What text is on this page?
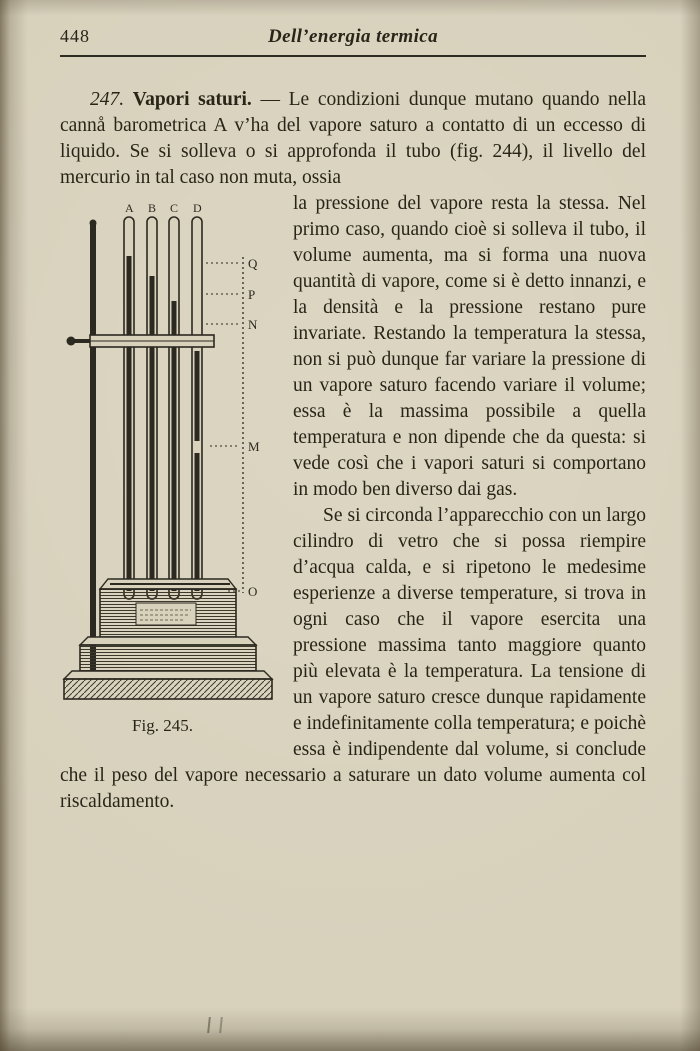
448	Dell’energia termica

247. Vapori saturi. — Le condizioni dunque mutano quando nella cannå barometrica A v’ha del vapore saturo a contatto di un eccesso di liquido. Se si solleva o si approfonda il tubo (fig. 244), il livello del mercurio in tal caso non muta, ossia

A B C D
Q
P
N
M
O
Fig. 245.

la pressione del vapore resta la stessa. Nel primo caso, quando cioè si solleva il tubo, il volume aumenta, ma si forma una nuova quantità di vapore, come si è detto innanzi, e la densità e la pressione restano pure invariate. Restando la temperatura la stessa, non si può dunque far variare la pressione di un vapore saturo facendo variare il volume; essa è la massima possibile a quella temperatura e non dipende che da questa: si vede così che i vapori saturi si comportano in modo ben diverso dai gas.

Se si circonda l’apparecchio con un largo cilindro di vetro che si possa riempire d’acqua calda, e si ripetono le medesime esperienze a diverse temperature, si trova in ogni caso che il vapore esercita una pressione massima tanto maggiore quanto più elevata è la temperatura. La tensione di un vapore saturo cresce dunque rapidamente e indefinitamente colla temperatura; e poichè essa è indipendente dal volume, si conclude che il peso del vapore necessario a saturare un dato volume aumenta col riscaldamento.
